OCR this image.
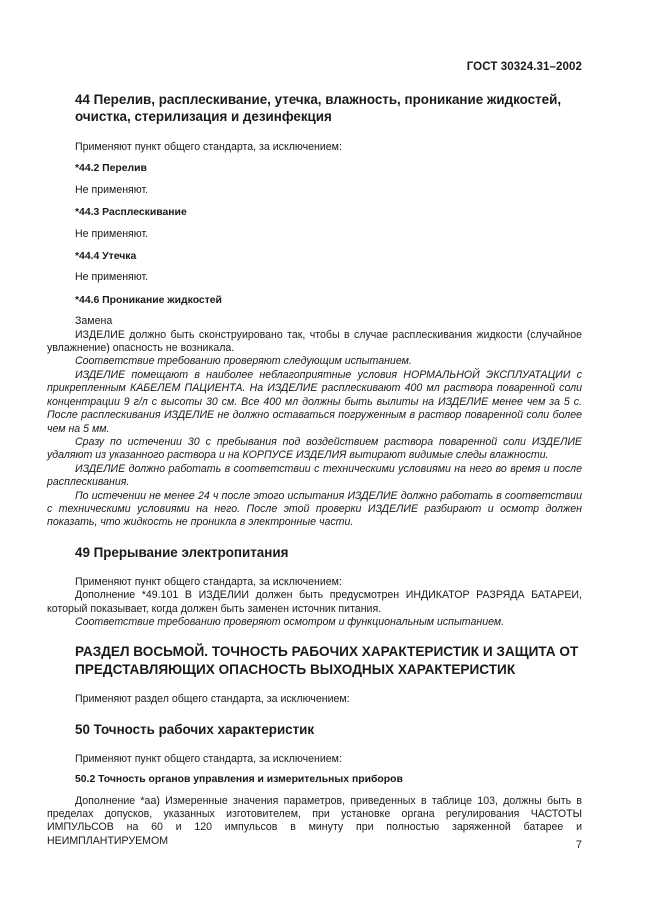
ГОСТ 30324.31–2002

44 Перелив, расплескивание, утечка, влажность, проникание жидкостей, очистка, стерилизация и дезинфекция

Применяют пункт общего стандарта, за исключением:

*44.2 Перелив

Не применяют.

*44.3 Расплескивание

Не применяют.

*44.4 Утечка

Не применяют.

*44.6 Проникание жидкостей

Замена

ИЗДЕЛИЕ должно быть сконструировано так, чтобы в случае расплескивания жидкости (случайное увлажнение) опасность не возникала.

Соответствие требованию проверяют следующим испытанием.

ИЗДЕЛИЕ помещают в наиболее неблагоприятные условия НОРМАЛЬНОЙ ЭКСПЛУАТАЦИИ с прикрепленным КАБЕЛЕМ ПАЦИЕНТА. На ИЗДЕЛИЕ расплескивают 400 мл раствора поваренной соли концентрации 9 г/л с высоты 30 см. Все 400 мл должны быть вылиты на ИЗДЕЛИЕ менее чем за 5 с. После расплескивания ИЗДЕЛИЕ не должно оставаться погруженным в раствор поваренной соли более чем на 5 мм.

Сразу по истечении 30 с пребывания под воздействием раствора поваренной соли ИЗДЕЛИЕ удаляют из указанного раствора и на КОРПУСЕ ИЗДЕЛИЯ вытирают видимые следы влажности.

ИЗДЕЛИЕ должно работать в соответствии с техническими условиями на него во время и после расплескивания.

По истечении не менее 24 ч после этого испытания ИЗДЕЛИЕ должно работать в соответствии с техническими условиями на него. После этой проверки ИЗДЕЛИЕ разбирают и осмотр должен показать, что жидкость не проникла в электронные части.

49 Прерывание электропитания

Применяют пункт общего стандарта, за исключением:

Дополнение *49.101 В ИЗДЕЛИИ должен быть предусмотрен ИНДИКАТОР РАЗРЯДА БАТАРЕИ, который показывает, когда должен быть заменен источник питания.

Соответствие требованию проверяют осмотром и функциональным испытанием.

РАЗДЕЛ ВОСЬМОЙ. ТОЧНОСТЬ РАБОЧИХ ХАРАКТЕРИСТИК И ЗАЩИТА ОТ ПРЕДСТАВЛЯЮЩИХ ОПАСНОСТЬ ВЫХОДНЫХ ХАРАКТЕРИСТИК

Применяют раздел общего стандарта, за исключением:

50 Точность рабочих характеристик

Применяют пункт общего стандарта, за исключением:

50.2 Точность органов управления и измерительных приборов

Дополнение *аа) Измеренные значения параметров, приведенных в таблице 103, должны быть в пределах допусков, указанных изготовителем, при установке органа регулирования ЧАСТОТЫ ИМПУЛЬСОВ на 60 и 120 импульсов в минуту при полностью заряженной батарее и НЕИМПЛАНТИРУЕМОМ	7
